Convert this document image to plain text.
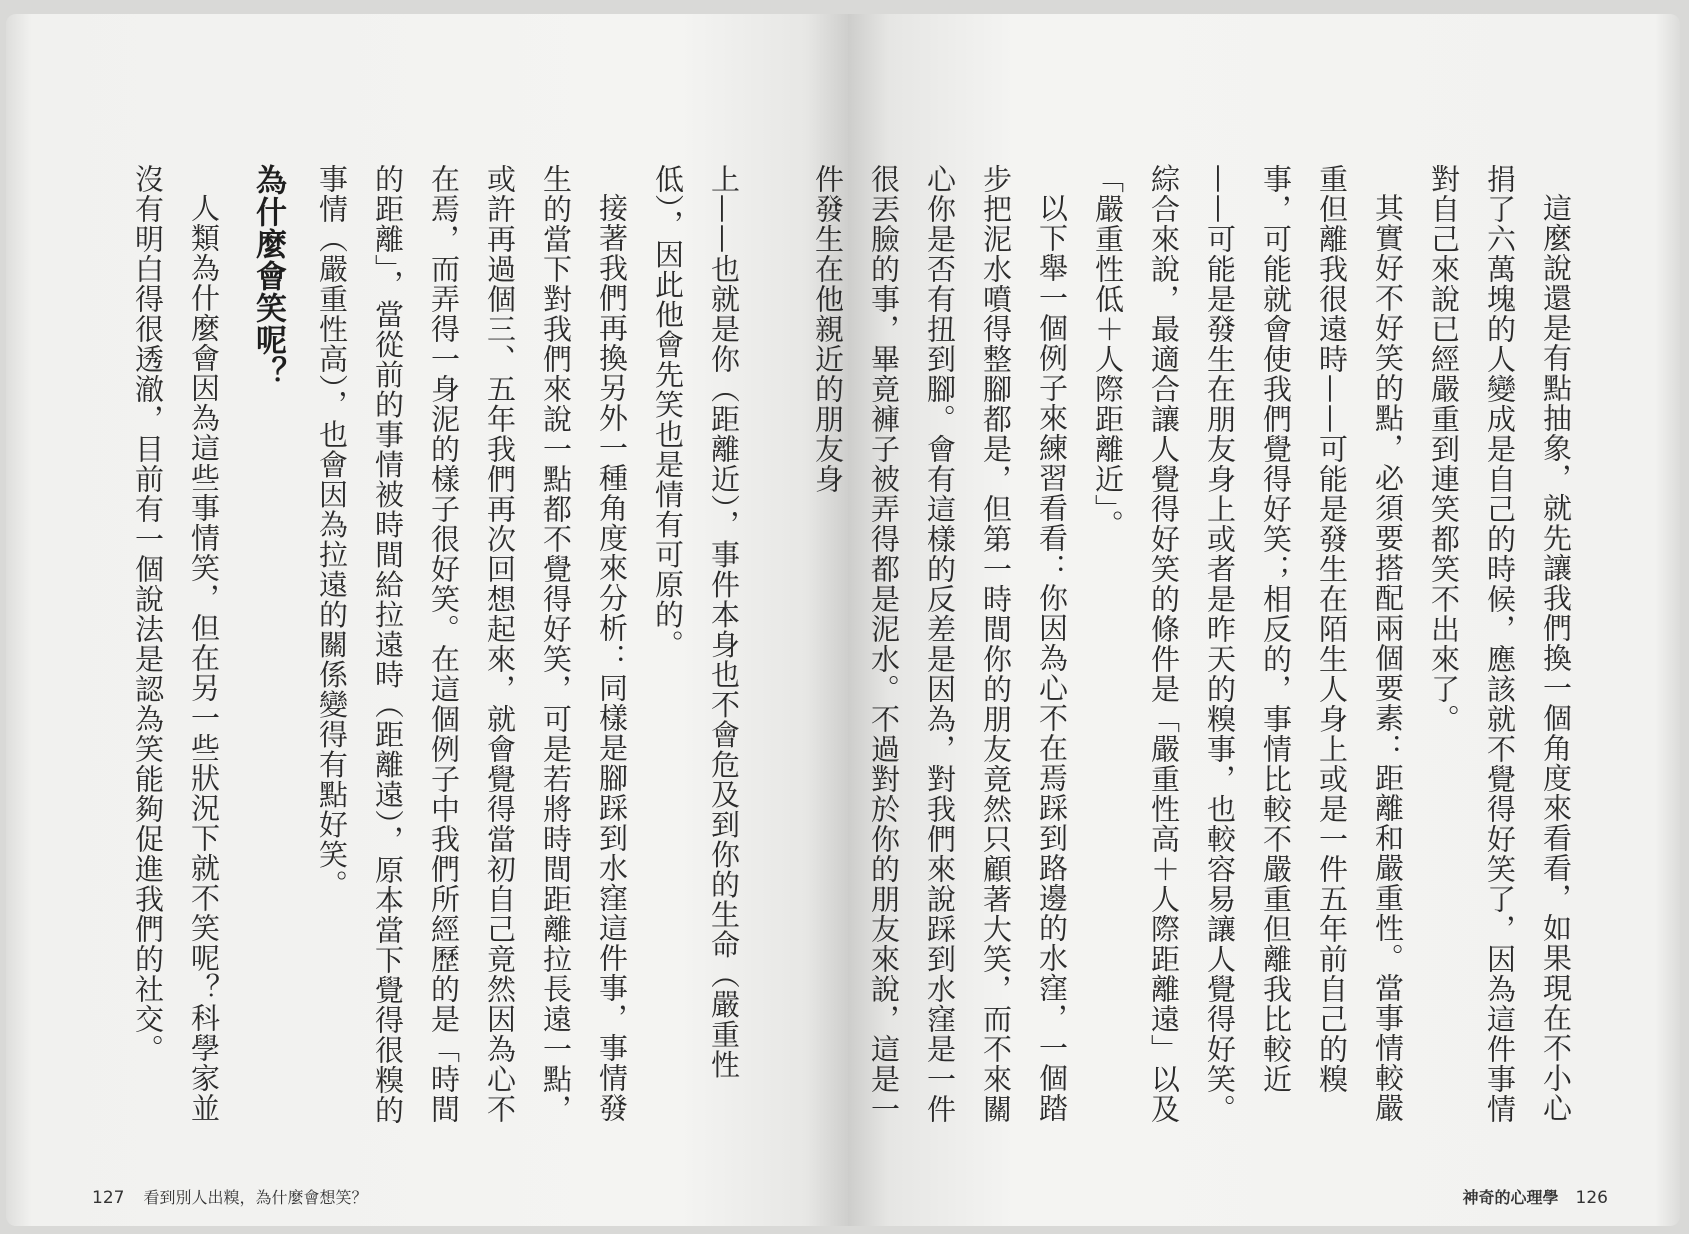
上——也就是你（距離近），事件本身也不會危及到你的生命（嚴重性低），因此他會先笑也是情有可原的。

接著我們再換另外一種角度來分析：同樣是腳踩到水窪這件事，事情發生的當下對我們來說一點都不覺得好笑，可是若將時間距離拉長遠一點，或許再過個三、五年我們再次回想起來，就會覺得當初自己竟然因為心不在焉，而弄得一身泥的樣子很好笑。在這個例子中我們所經歷的是「時間的距離」，當從前的事情被時間給拉遠時（距離遠），原本當下覺得很糗的事情（嚴重性高），也會因為拉遠的關係變得有點好笑。

為什麼會笑呢？

人類為什麼會因為這些事情笑，但在另一些狀況下就不笑呢？科學家並沒有明白得很透澈，目前有一個說法是認為笑能夠促進我們的社交。

127 看到別人出糗，為什麼會想笑？

這麼說還是有點抽象，就先讓我們換一個角度來看看，如果現在不小心捐了六萬塊的人變成是自己的時候，應該就不覺得好笑了，因為這件事情對自己來說已經嚴重到連笑都笑不出來了。

其實好不好笑的點，必須要搭配兩個要素：距離和嚴重性。當事情較嚴重但離我很遠時——可能是發生在陌生人身上或是一件五年前自己的糗事，可能就會使我們覺得好笑；相反的，事情比較不嚴重但離我比較近——可能是發生在朋友身上或者是昨天的糗事，也較容易讓人覺得好笑。綜合來說，最適合讓人覺得好笑的條件是「嚴重性高＋人際距離遠」以及「嚴重性低＋人際距離近」。

以下舉一個例子來練習看看：你因為心不在焉踩到路邊的水窪，一個踏步把泥水噴得整腳都是，但第一時間你的朋友竟然只顧著大笑，而不來關心你是否有扭到腳。會有這樣的反差是因為，對我們來說踩到水窪是一件很丟臉的事，畢竟褲子被弄得都是泥水。不過對於你的朋友來說，這是一件發生在他親近的朋友身

神奇的心理學 126
